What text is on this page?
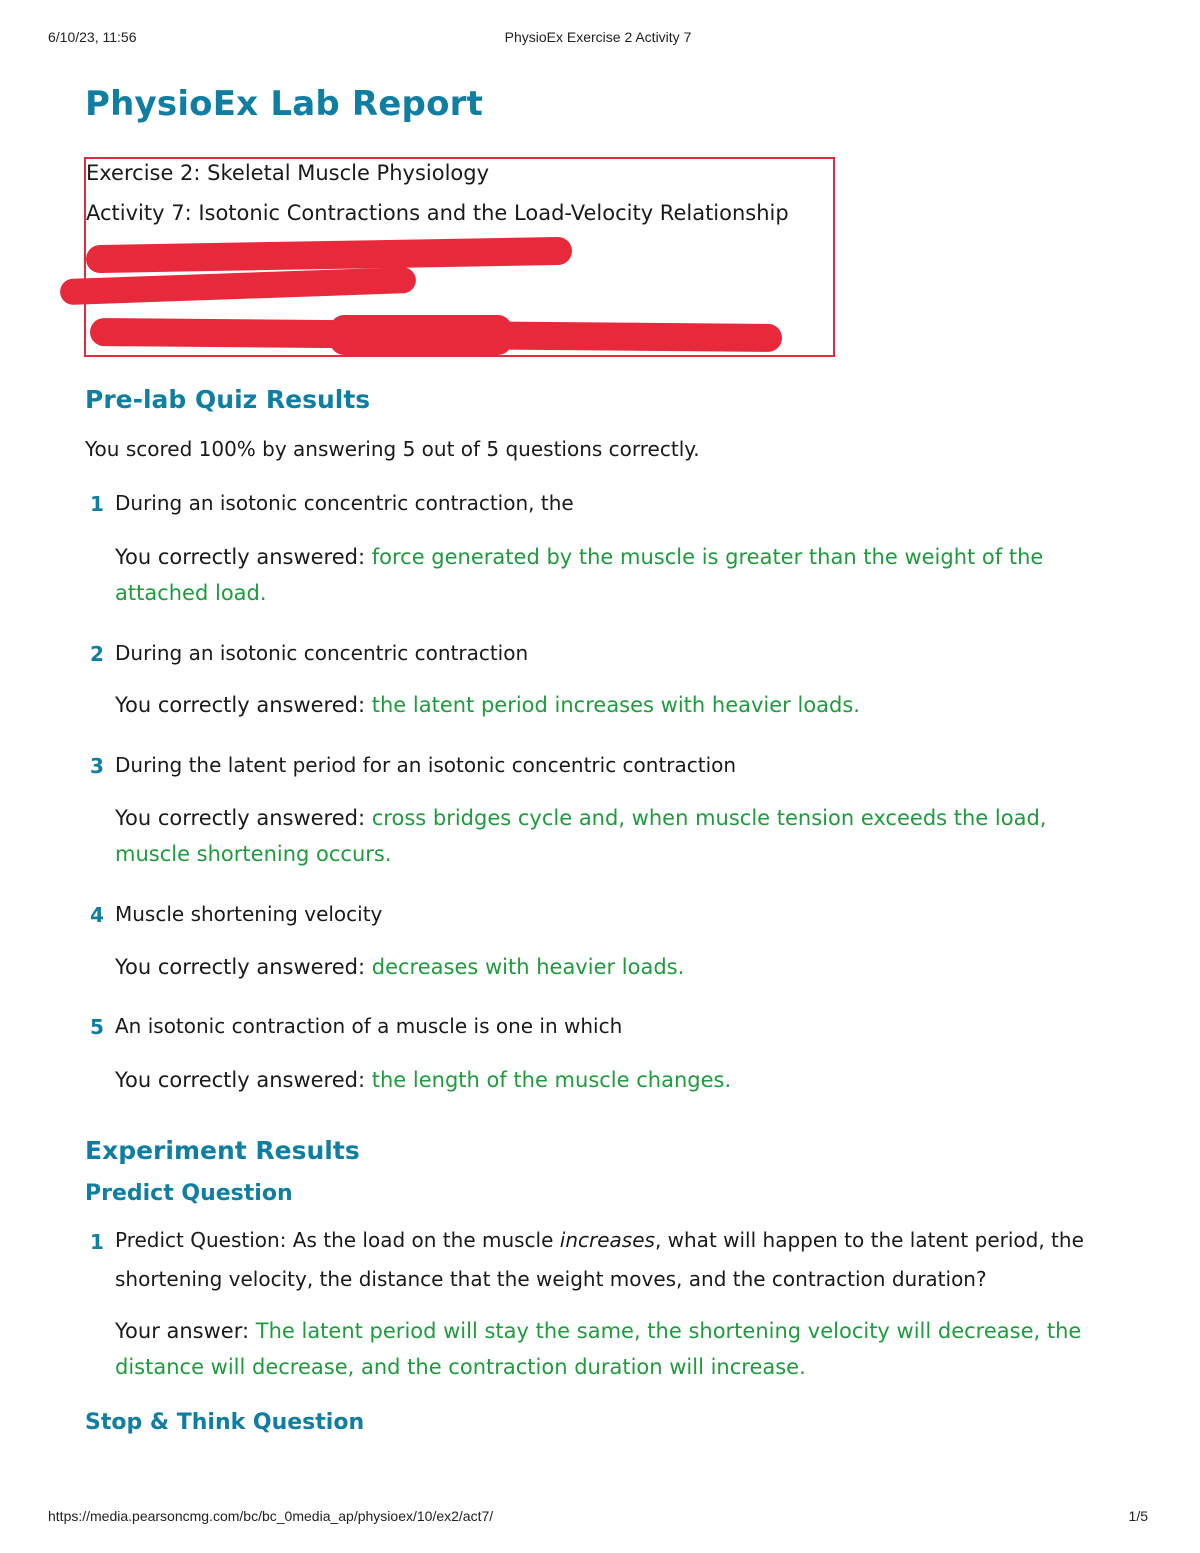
6/10/23, 11:56	PhysioEx Exercise 2 Activity 7
PhysioEx Lab Report
Exercise 2: Skeletal Muscle Physiology
Activity 7: Isotonic Contractions and the Load-Velocity Relationship
Pre-lab Quiz Results
You scored 100% by answering 5 out of 5 questions correctly.
1 During an isotonic concentric contraction, the
You correctly answered: force generated by the muscle is greater than the weight of the attached load.
2 During an isotonic concentric contraction
You correctly answered: the latent period increases with heavier loads.
3 During the latent period for an isotonic concentric contraction
You correctly answered: cross bridges cycle and, when muscle tension exceeds the load, muscle shortening occurs.
4 Muscle shortening velocity
You correctly answered: decreases with heavier loads.
5 An isotonic contraction of a muscle is one in which
You correctly answered: the length of the muscle changes.
Experiment Results
Predict Question
1 Predict Question: As the load on the muscle increases, what will happen to the latent period, the shortening velocity, the distance that the weight moves, and the contraction duration?
Your answer: The latent period will stay the same, the shortening velocity will decrease, the distance will decrease, and the contraction duration will increase.
Stop & Think Question
https://media.pearsoncmg.com/bc/bc_0media_ap/physioex/10/ex2/act7/	1/5
